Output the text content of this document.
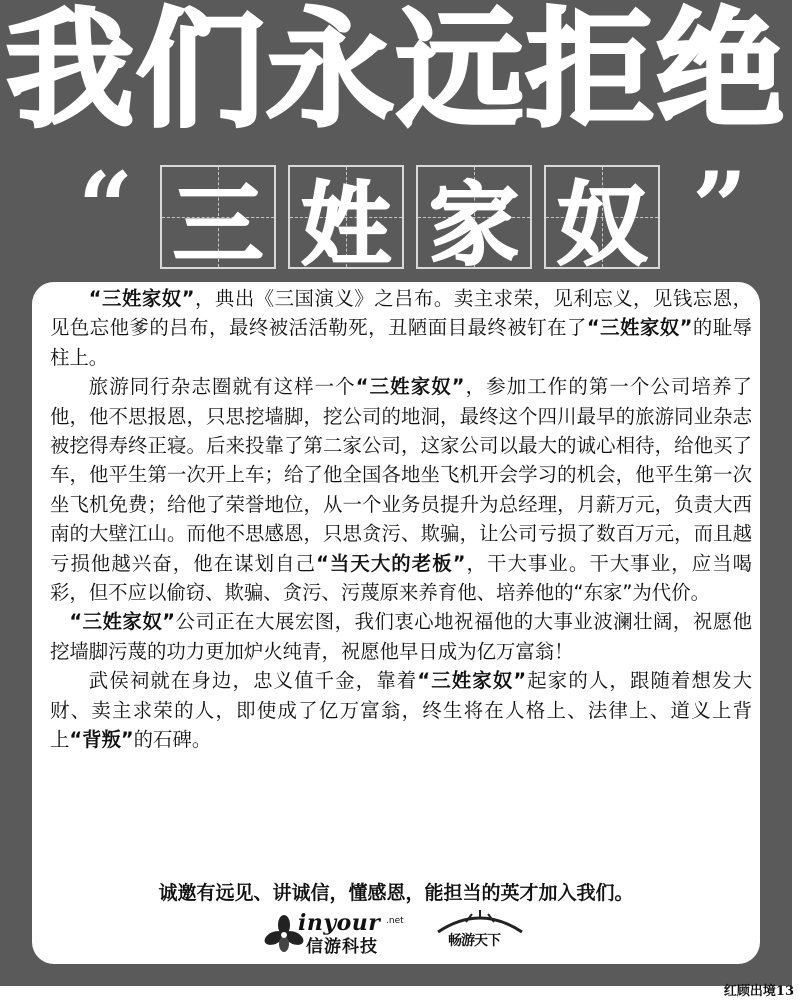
我们永远拒绝
“ 三 姓 家 奴 ”

“三姓家奴”，典出《三国演义》之吕布。卖主求荣，见利忘义，见钱忘恩，见色忘他爹的吕布，最终被活活勒死，丑陋面目最终被钉在了“三姓家奴”的耻辱柱上。

旅游同行杂志圈就有这样一个“三姓家奴”，参加工作的第一个公司培养了他，他不思报恩，只思挖墙脚，挖公司的地洞，最终这个四川最早的旅游同业杂志被挖得寿终正寝。后来投靠了第二家公司，这家公司以最大的诚心相待，给他买了车，他平生第一次开上车；给了他全国各地坐飞机开会学习的机会，他平生第一次坐飞机免费；给他了荣誉地位，从一个业务员提升为总经理，月薪万元，负责大西南的大壁江山。而他不思感恩，只思贪污、欺骗，让公司亏损了数百万元，而且越亏损他越兴奋，他在谋划自己“当天大的老板”，干大事业。干大事业，应当喝彩，但不应以偷窃、欺骗、贪污、污蔑原来养育他、培养他的“东家”为代价。

“三姓家奴”公司正在大展宏图，我们衷心地祝福他的大事业波澜壮阔，祝愿他挖墙脚污蔑的功力更加炉火纯青，祝愿他早日成为亿万富翁！

武侯祠就在身边，忠义值千金，靠着“三姓家奴”起家的人，跟随着想发大财、卖主求荣的人，即使成了亿万富翁，终生将在人格上、法律上、道义上背上“背叛”的石碑。

诚邀有远见、讲诚信，懂感恩，能担当的英才加入我们。
inyour .net
信游科技	畅游天下
红顾出境13
